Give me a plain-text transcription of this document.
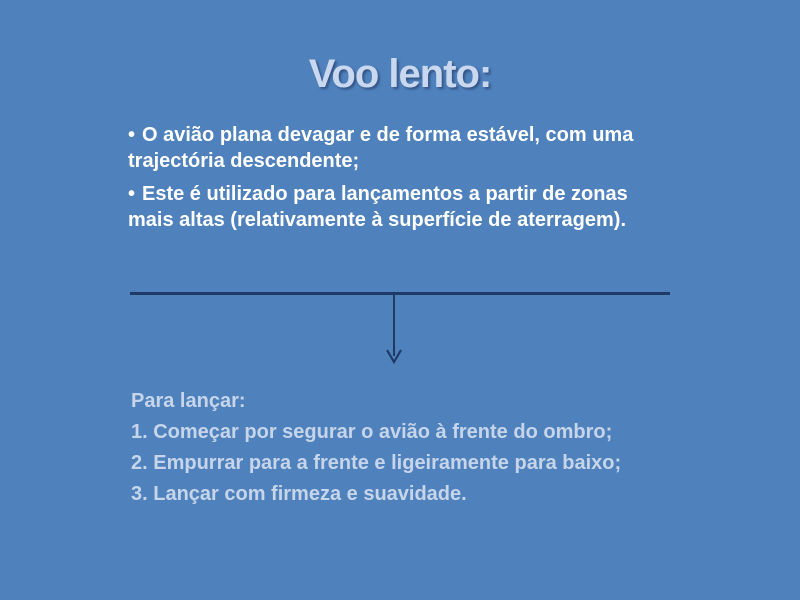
Voo lento:
• O avião plana devagar e de forma estável, com uma trajectória descendente;
• Este é utilizado para lançamentos a partir de zonas mais altas (relativamente à superfície de aterragem).
Para lançar:
1. Começar por segurar o avião à frente do ombro;
2. Empurrar para a frente e ligeiramente para baixo;
3. Lançar com firmeza e suavidade.
